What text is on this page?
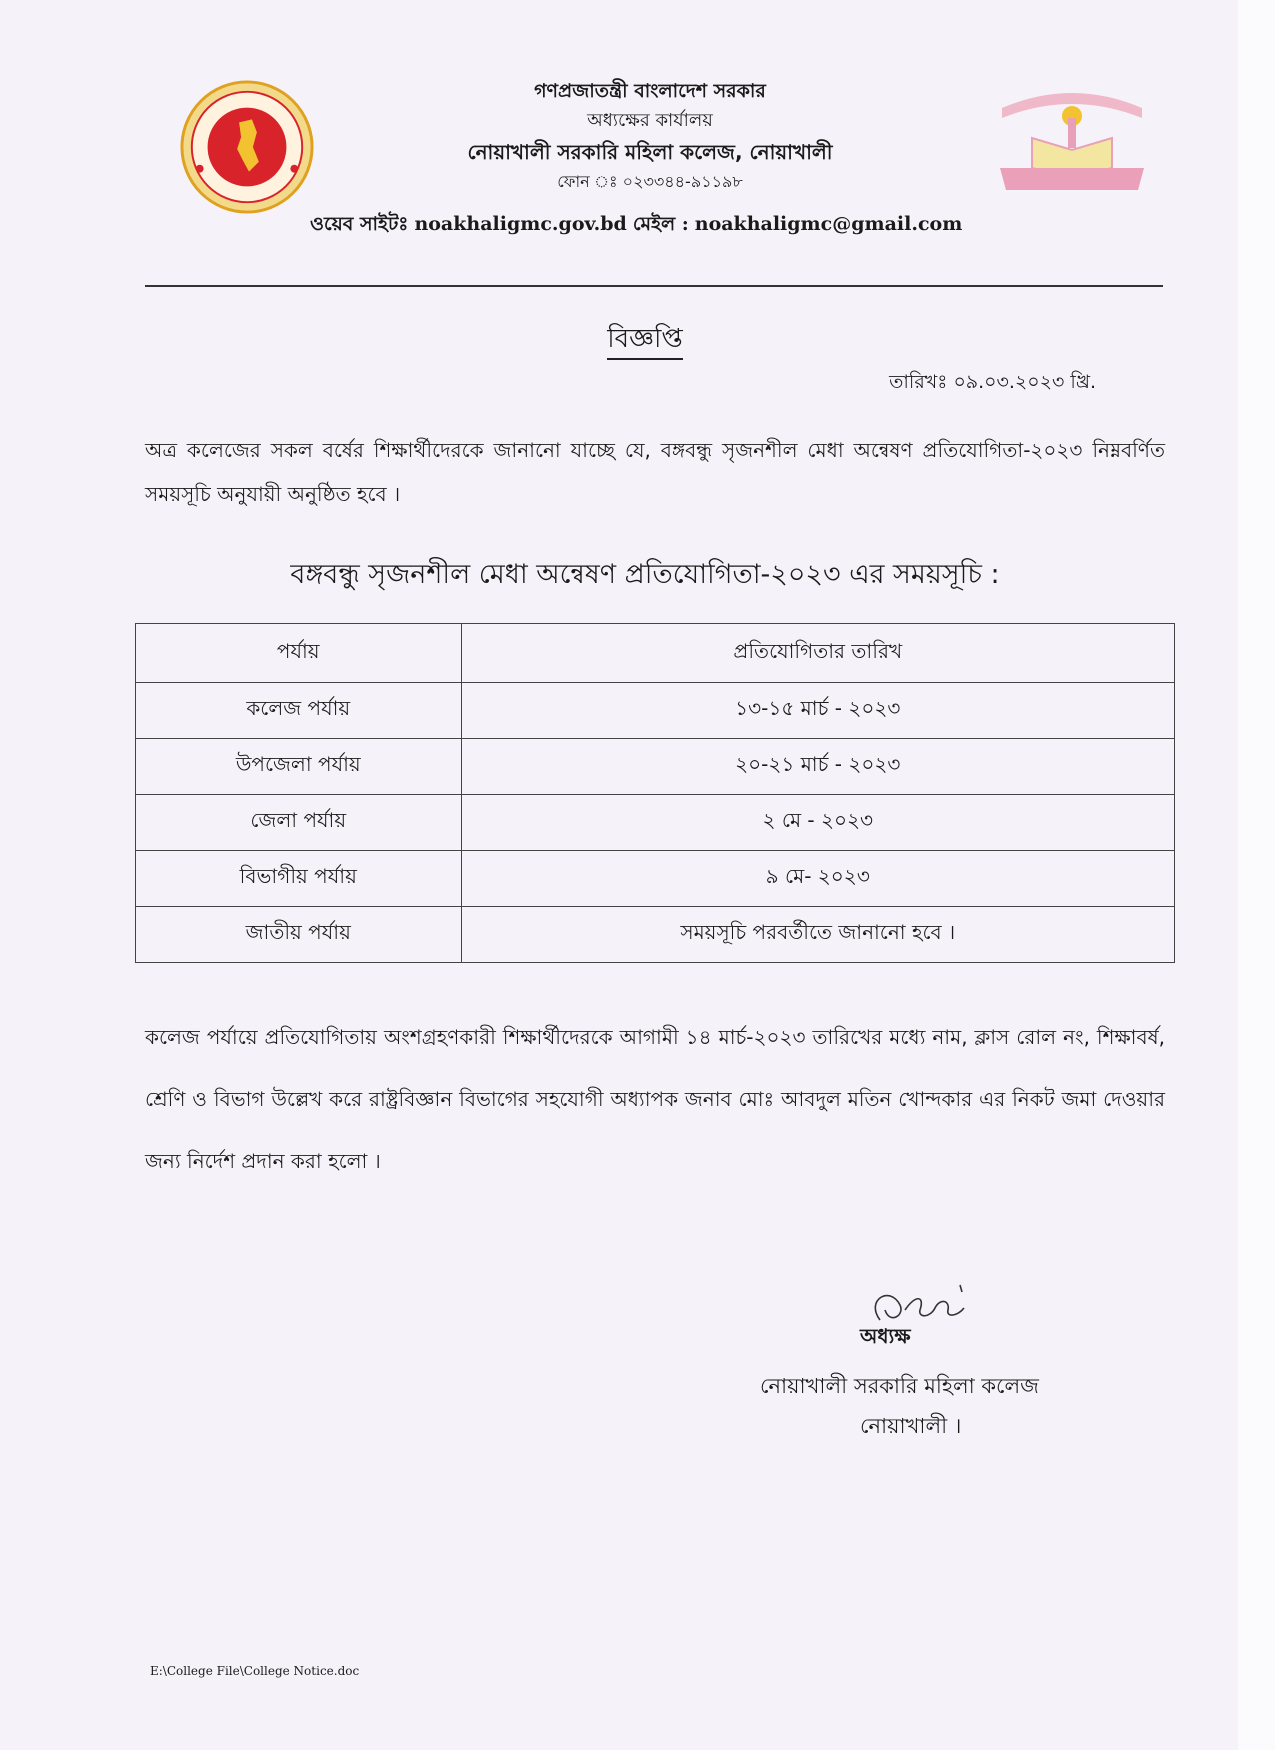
গণপ্রজাতন্ত্রী বাংলাদেশ সরকার

অধ্যক্ষের কার্যালয়

নোয়াখালী সরকারি মহিলা কলেজ, নোয়াখালী

ফোন ঃ ০২৩৩৪৪-৯১১৯৮

ওয়েব সাইটঃ noakhaligmc.gov.bd মেইল : noakhaligmc@gmail.com
বিজ্ঞপ্তি
তারিখঃ ০৯.০৩.২০২৩ খ্রি.
অত্র কলেজের সকল বর্ষের শিক্ষার্থীদেরকে জানানো যাচ্ছে যে, বঙ্গবন্ধু সৃজনশীল মেধা অন্বেষণ প্রতিযোগিতা-২০২৩ নিম্নবর্ণিত সময়সূচি অনুযায়ী অনুষ্ঠিত হবে ।
বঙ্গবন্ধু সৃজনশীল মেধা অন্বেষণ প্রতিযোগিতা-২০২৩ এর সময়সূচি :
পর্যায়	প্রতিযোগিতার তারিখ
কলেজ পর্যায়	১৩-১৫ মার্চ - ২০২৩
উপজেলা পর্যায়	২০-২১ মার্চ - ২০২৩
জেলা পর্যায়	২ মে - ২০২৩
বিভাগীয় পর্যায়	৯ মে- ২০২৩
জাতীয় পর্যায়	সময়সূচি পরবর্তীতে জানানো হবে ।
কলেজ পর্যায়ে প্রতিযোগিতায় অংশগ্রহণকারী শিক্ষার্থীদেরকে আগামী ১৪ মার্চ-২০২৩ তারিখের মধ্যে নাম, ক্লাস রোল নং, শিক্ষাবর্ষ, শ্রেণি ও বিভাগ উল্লেখ করে রাষ্ট্রবিজ্ঞান বিভাগের সহযোগী অধ্যাপক জনাব মোঃ আবদুল মতিন খোন্দকার এর নিকট জমা দেওয়ার জন্য নির্দেশ প্রদান করা হলো ।
অধ্যক্ষ
নোয়াখালী সরকারি মহিলা কলেজ
নোয়াখালী ।
E:\College File\College Notice.doc
